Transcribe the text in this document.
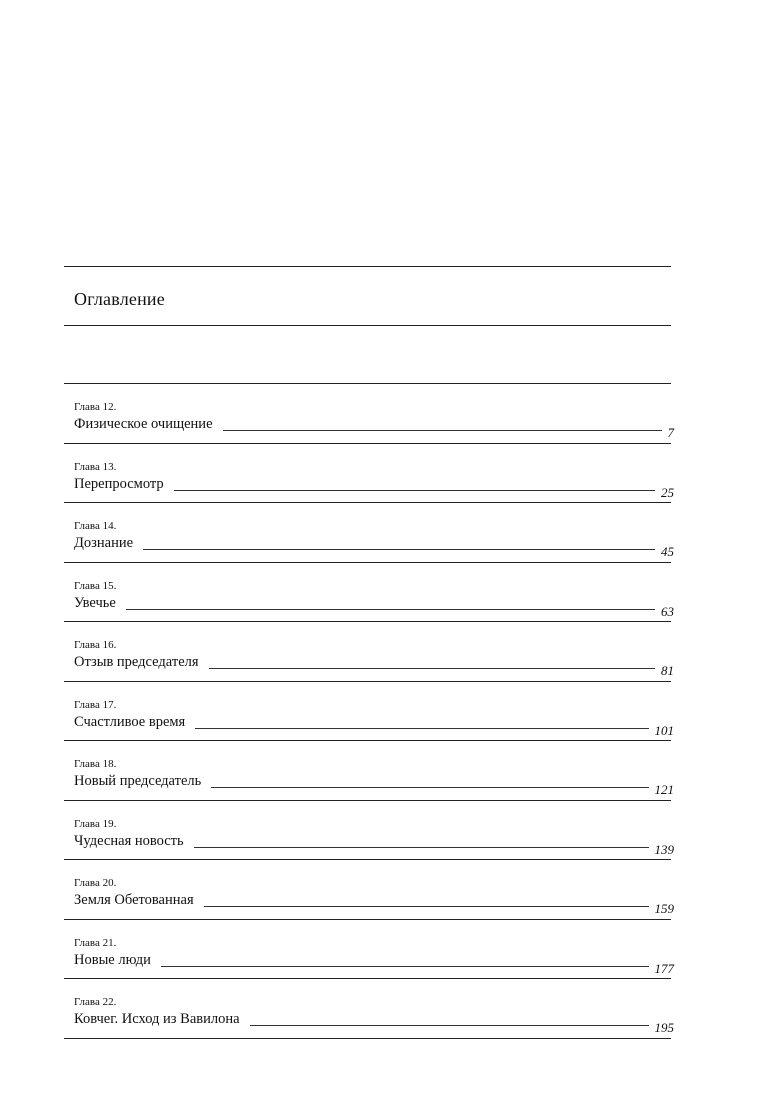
Оглавление
Глава 12.
Физическое очищение
7
Глава 13.
Перепросмотр
25
Глава 14.
Дознание
45
Глава 15.
Увечье
63
Глава 16.
Отзыв председателя
81
Глава 17.
Счастливое время
101
Глава 18.
Новый председатель
121
Глава 19.
Чудесная новость
139
Глава 20.
Земля Обетованная
159
Глава 21.
Новые люди
177
Глава 22.
Ковчег. Исход из Вавилона
195
